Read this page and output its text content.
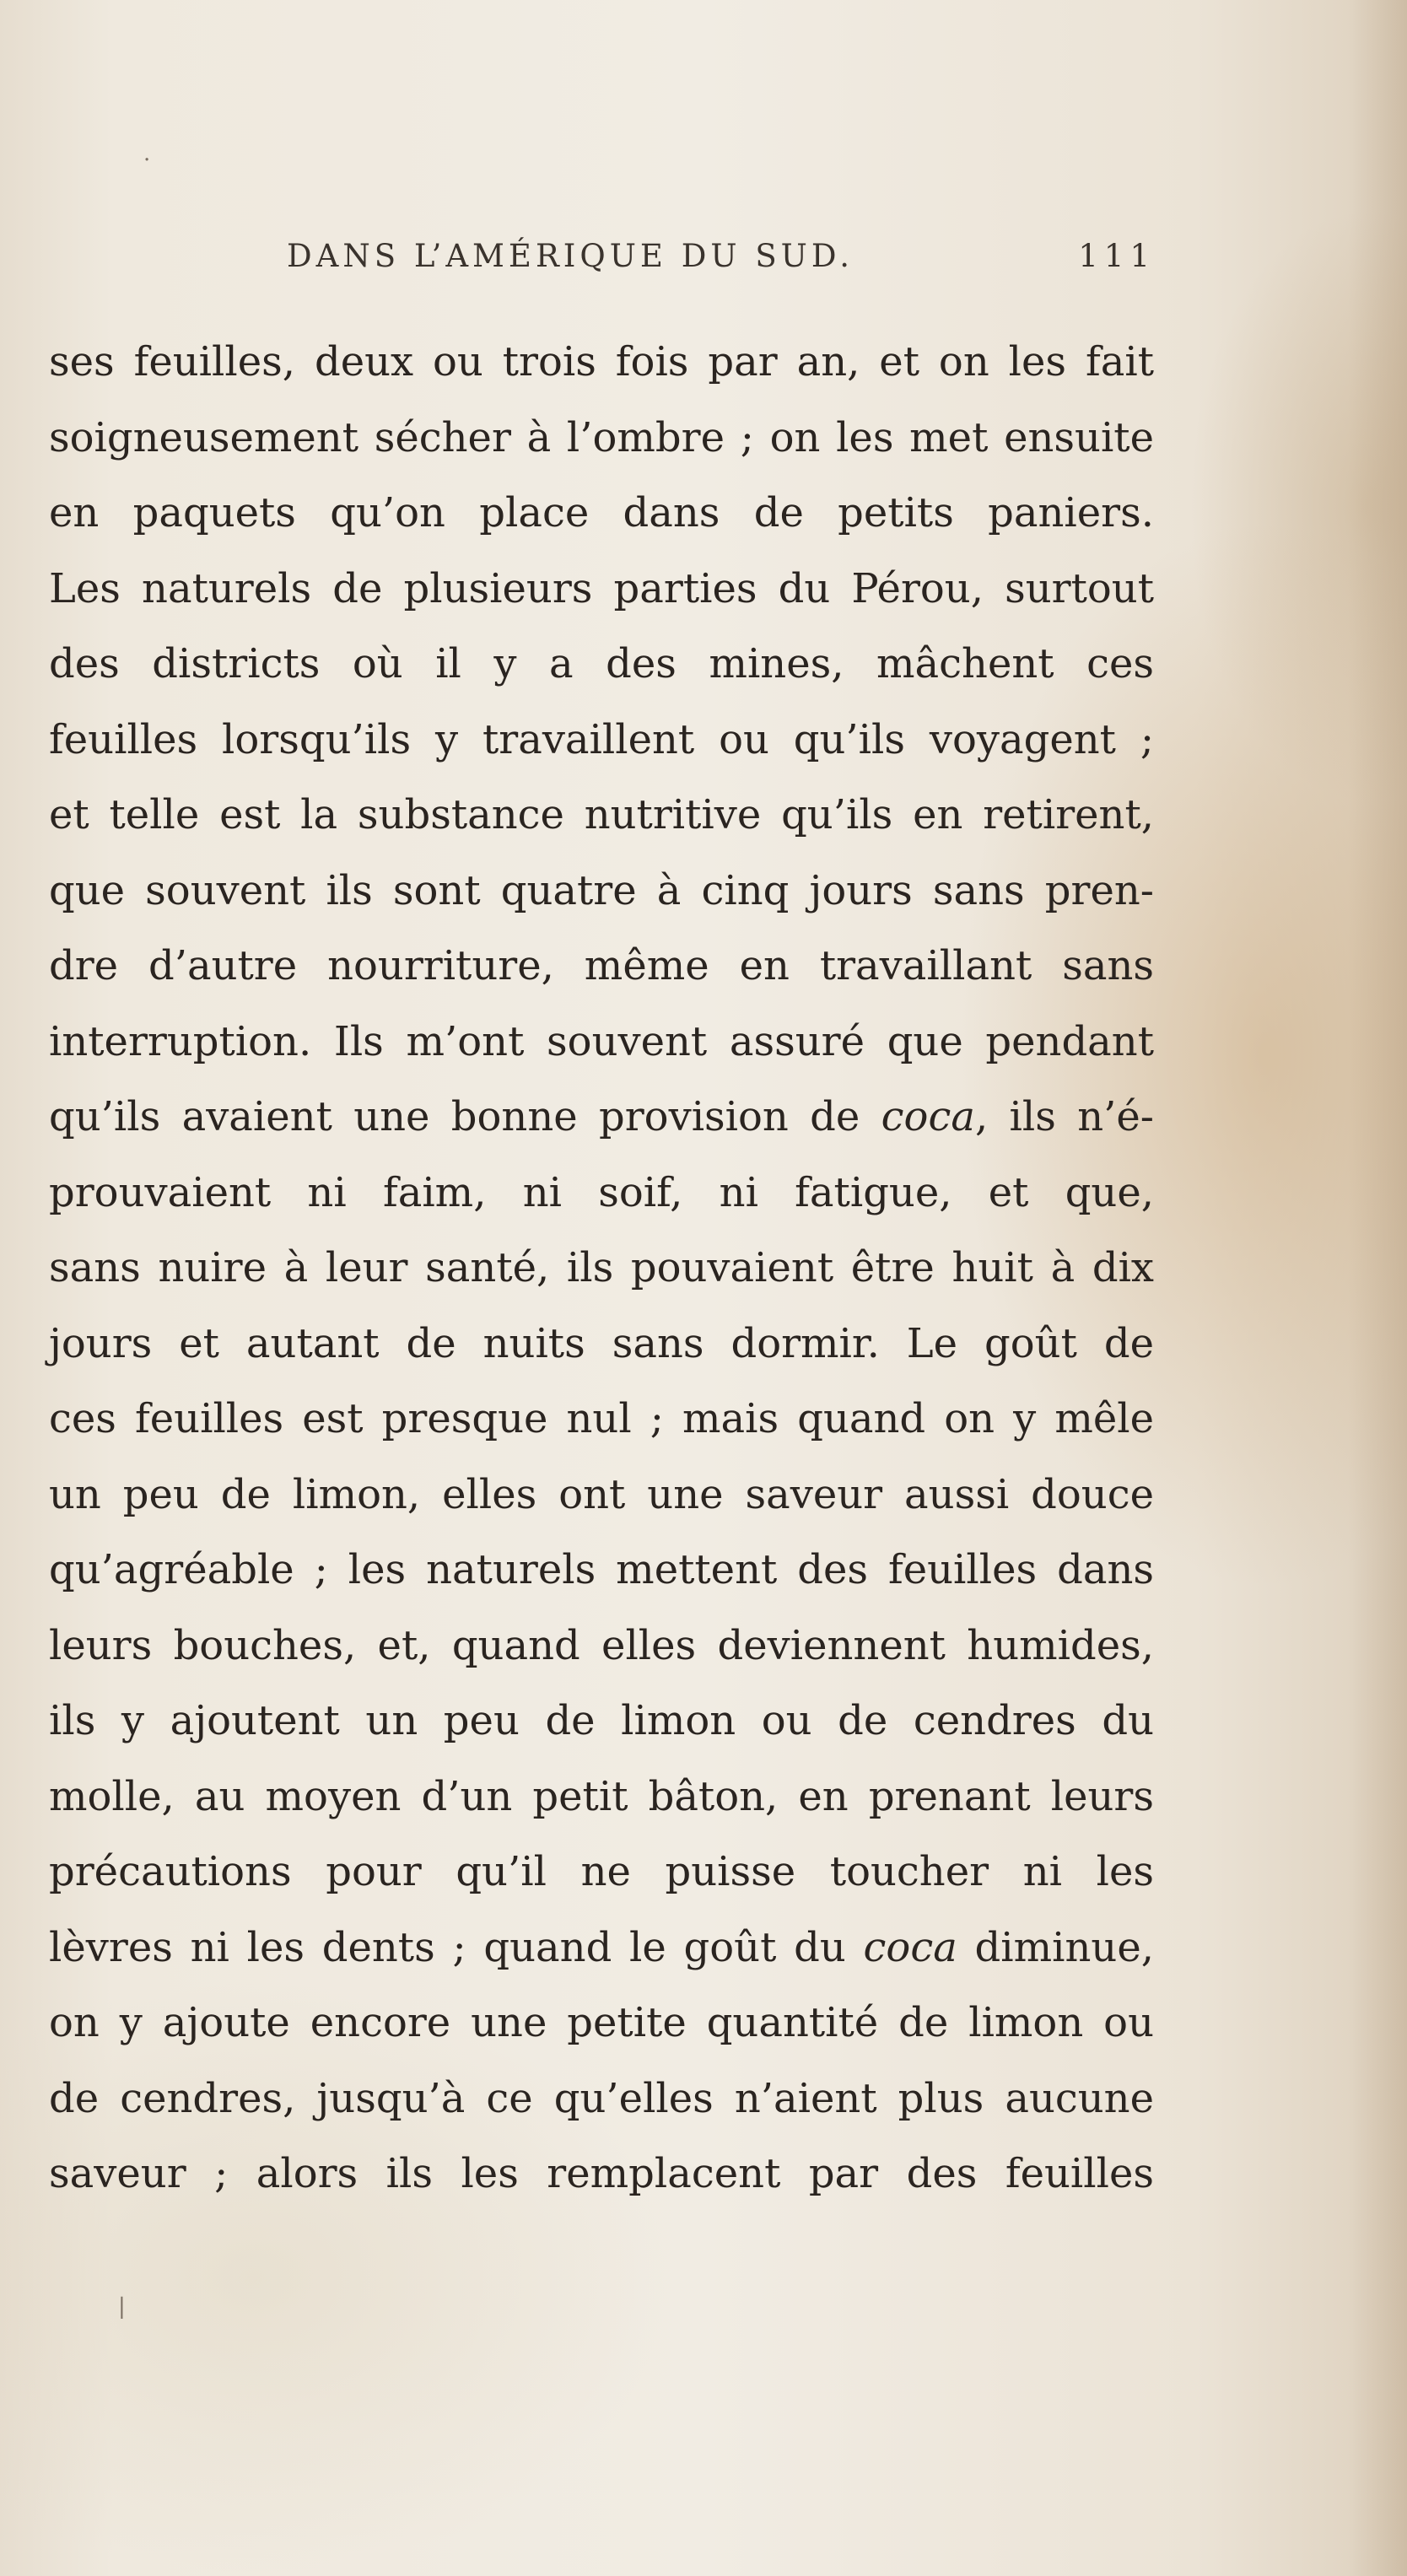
DANS L’AMÉRIQUE DU SUD.	111
ses feuilles, deux ou trois fois par an, et on les fait
soigneusement sécher à l’ombre ; on les met ensuite
en paquets qu’on place dans de petits paniers.
Les naturels de plusieurs parties du Pérou, surtout
des districts où il y a des mines, mâchent ces
feuilles lorsqu’ils y travaillent ou qu’ils voyagent ;
et telle est la substance nutritive qu’ils en retirent,
que souvent ils sont quatre à cinq jours sans pren-
dre d’autre nourriture, même en travaillant sans
interruption. Ils m’ont souvent assuré que pendant
qu’ils avaient une bonne provision de coca, ils n’é-
prouvaient ni faim, ni soif, ni fatigue, et que,
sans nuire à leur santé, ils pouvaient être huit à dix
jours et autant de nuits sans dormir. Le goût de
ces feuilles est presque nul ; mais quand on y mêle
un peu de limon, elles ont une saveur aussi douce
qu’agréable ; les naturels mettent des feuilles dans
leurs bouches, et, quand elles deviennent humides,
ils y ajoutent un peu de limon ou de cendres du
molle, au moyen d’un petit bâton, en prenant leurs
précautions pour qu’il ne puisse toucher ni les
lèvres ni les dents ; quand le goût du coca diminue,
on y ajoute encore une petite quantité de limon ou
de cendres, jusqu’à ce qu’elles n’aient plus aucune
saveur ; alors ils les remplacent par des feuilles
·
|
